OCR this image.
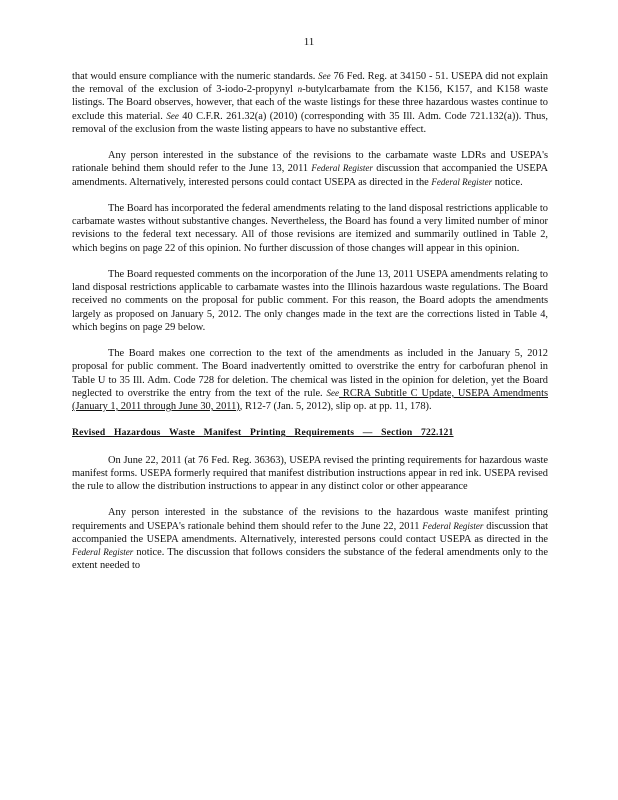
11

that would ensure compliance with the numeric standards. See 76 Fed. Reg. at 34150 - 51. USEPA did not explain the removal of the exclusion of 3-iodo-2-propynyl n-butylcarbamate from the K156, K157, and K158 waste listings. The Board observes, however, that each of the waste listings for these three hazardous wastes continue to exclude this material. See 40 C.F.R. 261.32(a) (2010) (corresponding with 35 Ill. Adm. Code 721.132(a)). Thus, removal of the exclusion from the waste listing appears to have no substantive effect.

Any person interested in the substance of the revisions to the carbamate waste LDRs and USEPA's rationale behind them should refer to the June 13, 2011 Federal Register discussion that accompanied the USEPA amendments. Alternatively, interested persons could contact USEPA as directed in the Federal Register notice.

The Board has incorporated the federal amendments relating to the land disposal restrictions applicable to carbamate wastes without substantive changes. Nevertheless, the Board has found a very limited number of minor revisions to the federal text necessary. All of those revisions are itemized and summarily outlined in Table 2, which begins on page 22 of this opinion. No further discussion of those changes will appear in this opinion.

The Board requested comments on the incorporation of the June 13, 2011 USEPA amendments relating to land disposal restrictions applicable to carbamate wastes into the Illinois hazardous waste regulations. The Board received no comments on the proposal for public comment. For this reason, the Board adopts the amendments largely as proposed on January 5, 2012. The only changes made in the text are the corrections listed in Table 4, which begins on page 29 below.

The Board makes one correction to the text of the amendments as included in the January 5, 2012 proposal for public comment. The Board inadvertently omitted to overstrike the entry for carbofuran phenol in Table U to 35 Ill. Adm. Code 728 for deletion. The chemical was listed in the opinion for deletion, yet the Board neglected to overstrike the entry from the text of the rule. See RCRA Subtitle C Update, USEPA Amendments (January 1, 2011 through June 30, 2011), R12-7 (Jan. 5, 2012), slip op. at pp. 11, 178).

Revised Hazardous Waste Manifest Printing Requirements — Section 722.121

On June 22, 2011 (at 76 Fed. Reg. 36363), USEPA revised the printing requirements for hazardous waste manifest forms. USEPA formerly required that manifest distribution instructions appear in red ink. USEPA revised the rule to allow the distribution instructions to appear in any distinct color or other appearance

Any person interested in the substance of the revisions to the hazardous waste manifest printing requirements and USEPA's rationale behind them should refer to the June 22, 2011 Federal Register discussion that accompanied the USEPA amendments. Alternatively, interested persons could contact USEPA as directed in the Federal Register notice. The discussion that follows considers the substance of the federal amendments only to the extent needed to
